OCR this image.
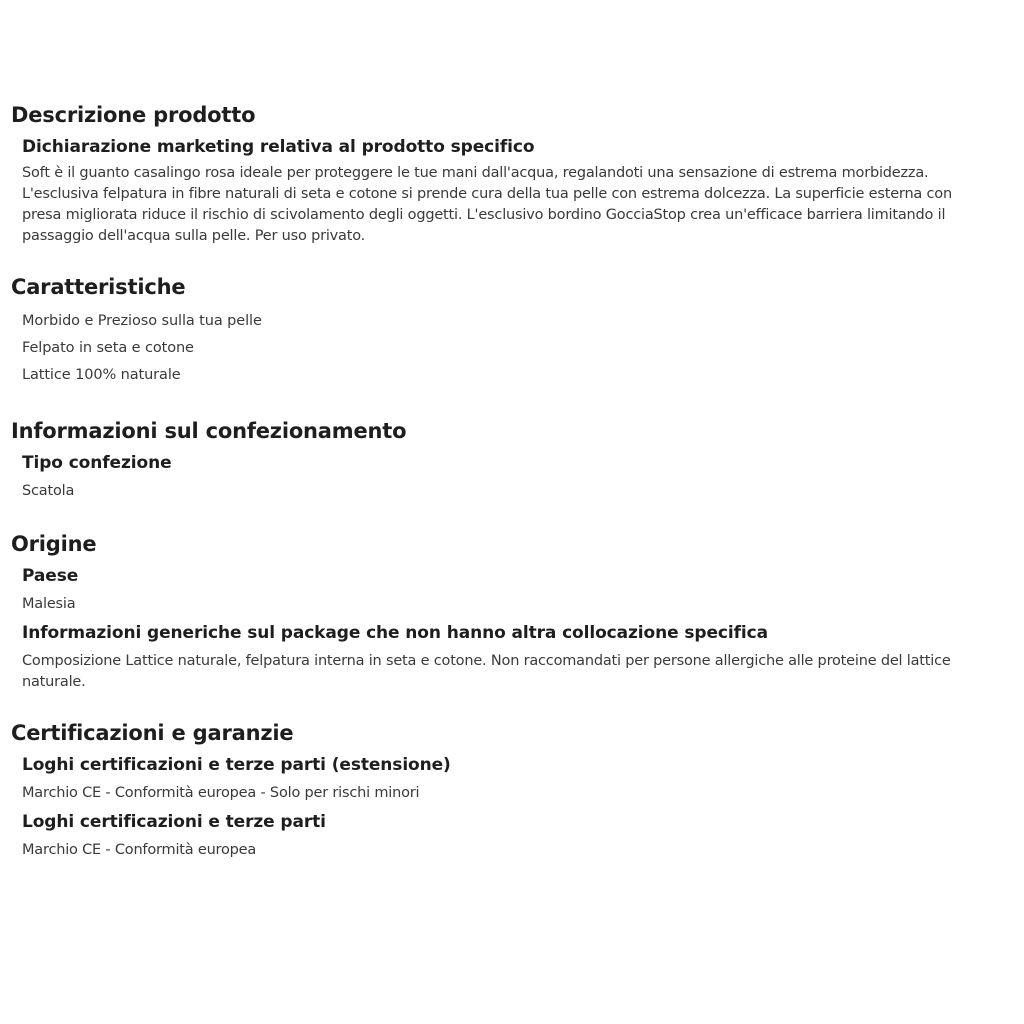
Descrizione prodotto
Dichiarazione marketing relativa al prodotto specifico

Soft è il guanto casalingo rosa ideale per proteggere le tue mani dall'acqua, regalandoti una sensazione di estrema morbidezza.

L'esclusiva felpatura in fibre naturali di seta e cotone si prende cura della tua pelle con estrema dolcezza. La superficie esterna con

presa migliorata riduce il rischio di scivolamento degli oggetti. L'esclusivo bordino GocciaStop crea un'efficace barriera limitando il

passaggio dell'acqua sulla pelle. Per uso privato.

Caratteristiche
Morbido e Prezioso sulla tua pelle
Felpato in seta e cotone
Lattice 100% naturale
Informazioni sul confezionamento
Tipo confezione

Scatola

Origine
Paese

Malesia

Informazioni generiche sul package che non hanno altra collocazione specifica

Composizione Lattice naturale, felpatura interna in seta e cotone. Non raccomandati per persone allergiche alle proteine del lattice

naturale.

Certificazioni e garanzie
Loghi certificazioni e terze parti (estensione)

Marchio CE - Conformità europea - Solo per rischi minori

Loghi certificazioni e terze parti

Marchio CE - Conformità europea
